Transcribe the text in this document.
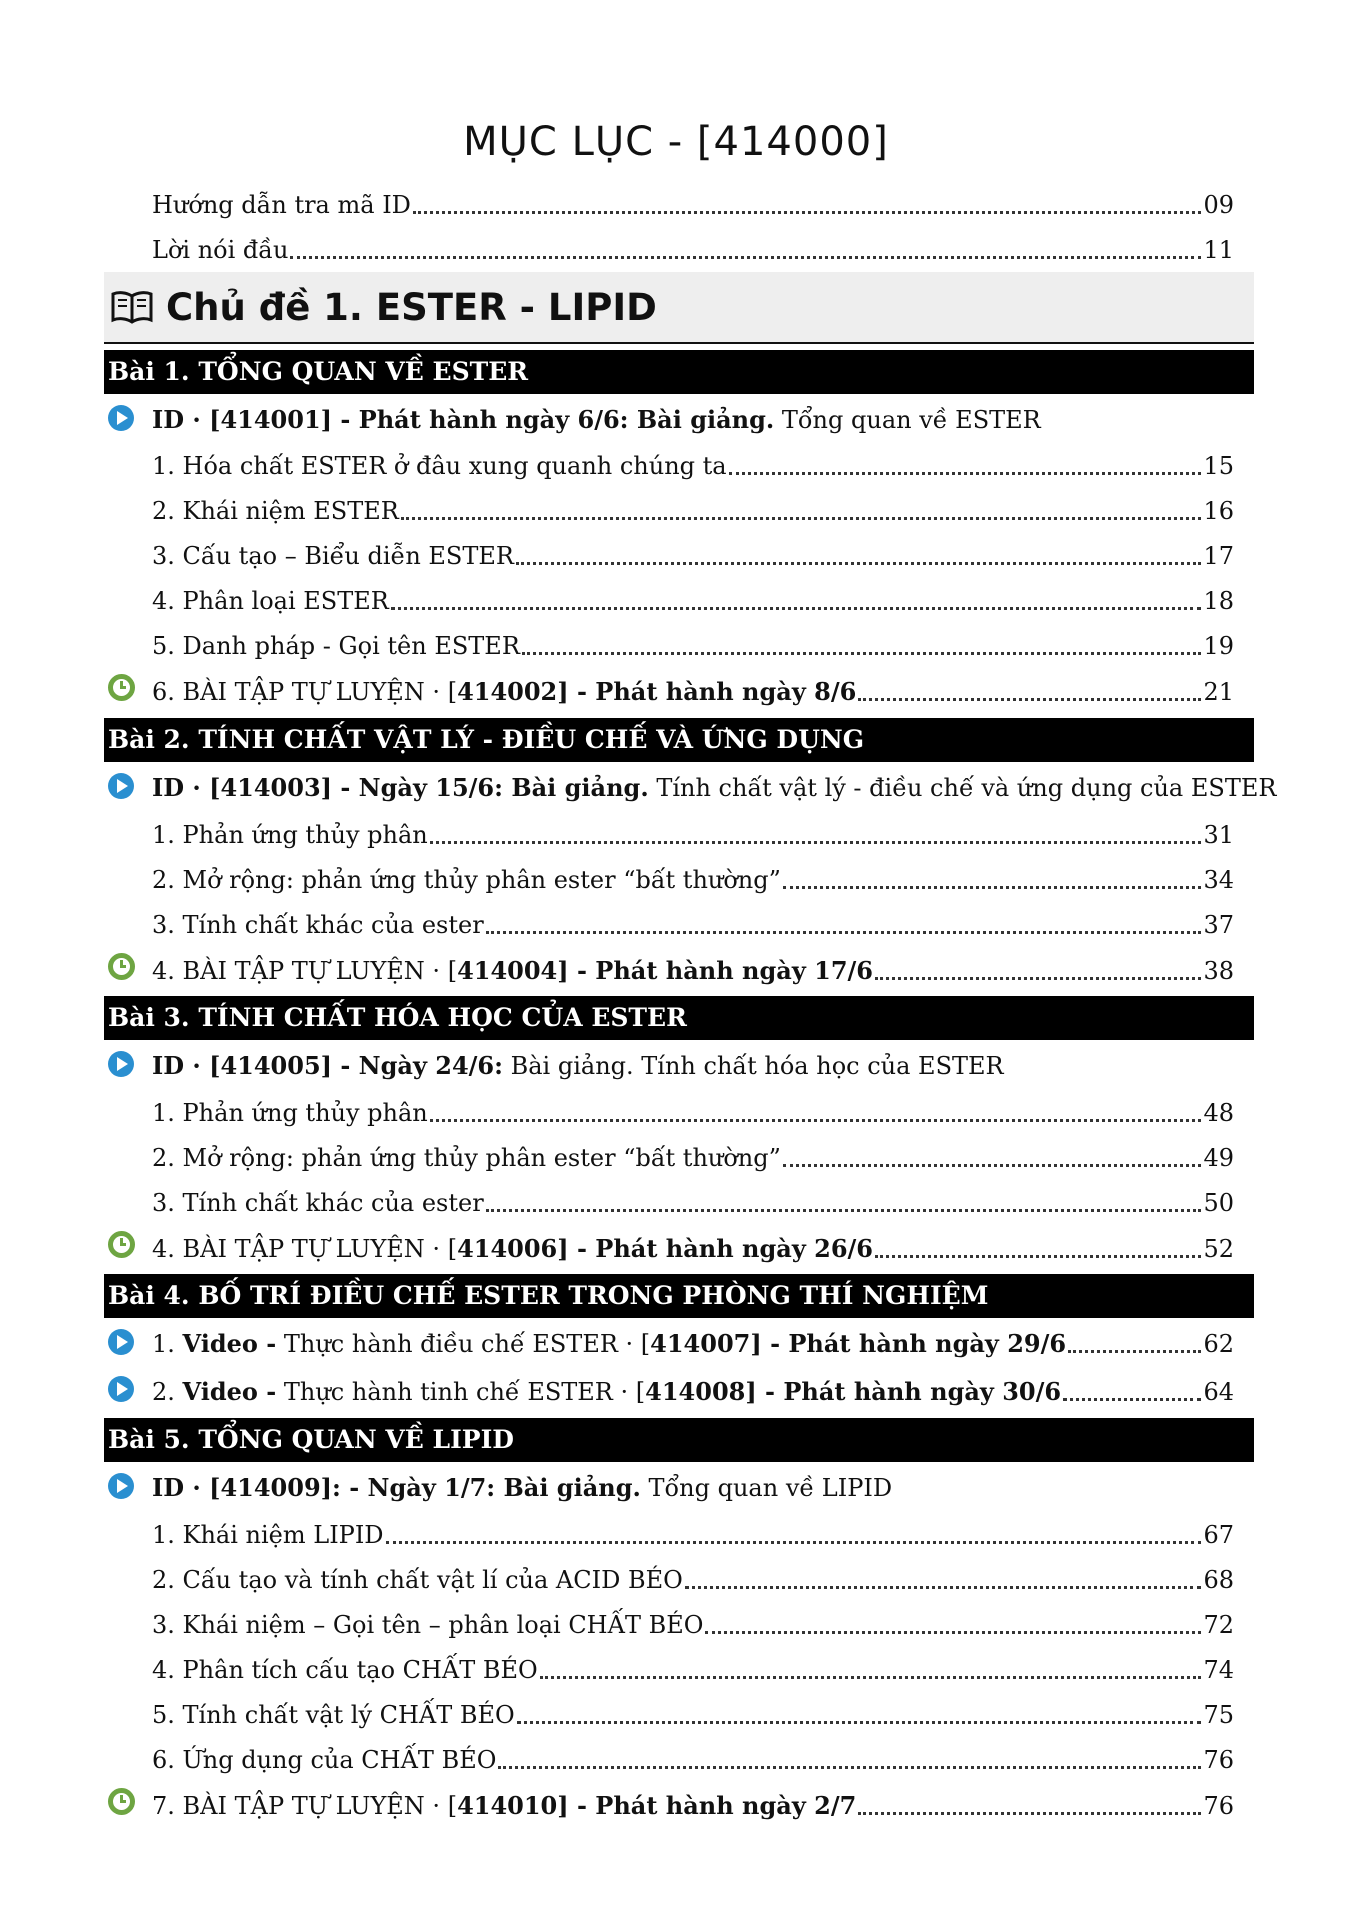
MỤC LỤC - [414000]
Hướng dẫn tra mã ID	09
Lời nói đầu	11
Chủ đề 1. ESTER - LIPID
Bài 1. TỔNG QUAN VỀ ESTER
ID · [414001] - Phát hành ngày 6/6: Bài giảng. Tổng quan về ESTER
1. Hóa chất ESTER ở đâu xung quanh chúng ta	15
2. Khái niệm ESTER	16
3. Cấu tạo – Biểu diễn ESTER	17
4. Phân loại ESTER	18
5. Danh pháp - Gọi tên ESTER	19
6. BÀI TẬP TỰ LUYỆN · [414002] - Phát hành ngày 8/6	21
Bài 2. TÍNH CHẤT VẬT LÝ - ĐIỀU CHẾ VÀ ỨNG DỤNG
ID · [414003] - Ngày 15/6: Bài giảng. Tính chất vật lý - điều chế và ứng dụng của ESTER
1. Phản ứng thủy phân	31
2. Mở rộng: phản ứng thủy phân ester “bất thường”	34
3. Tính chất khác của ester	37
4. BÀI TẬP TỰ LUYỆN · [414004] - Phát hành ngày 17/6	38
Bài 3. TÍNH CHẤT HÓA HỌC CỦA ESTER
ID · [414005] - Ngày 24/6: Bài giảng. Tính chất hóa học của ESTER
1. Phản ứng thủy phân	48
2. Mở rộng: phản ứng thủy phân ester “bất thường”	49
3. Tính chất khác của ester	50
4. BÀI TẬP TỰ LUYỆN · [414006] - Phát hành ngày 26/6	52
Bài 4. BỐ TRÍ ĐIỀU CHẾ ESTER TRONG PHÒNG THÍ NGHIỆM
1. Video - Thực hành điều chế ESTER · [414007] - Phát hành ngày 29/6	62
2. Video - Thực hành tinh chế ESTER · [414008] - Phát hành ngày 30/6	64
Bài 5. TỔNG QUAN VỀ LIPID
ID · [414009]: - Ngày 1/7: Bài giảng. Tổng quan về LIPID
1. Khái niệm LIPID	67
2. Cấu tạo và tính chất vật lí của ACID BÉO	68
3. Khái niệm – Gọi tên – phân loại CHẤT BÉO	72
4. Phân tích cấu tạo CHẤT BÉO	74
5. Tính chất vật lý CHẤT BÉO	75
6. Ứng dụng của CHẤT BÉO	76
7. BÀI TẬP TỰ LUYỆN · [414010] - Phát hành ngày 2/7	76
